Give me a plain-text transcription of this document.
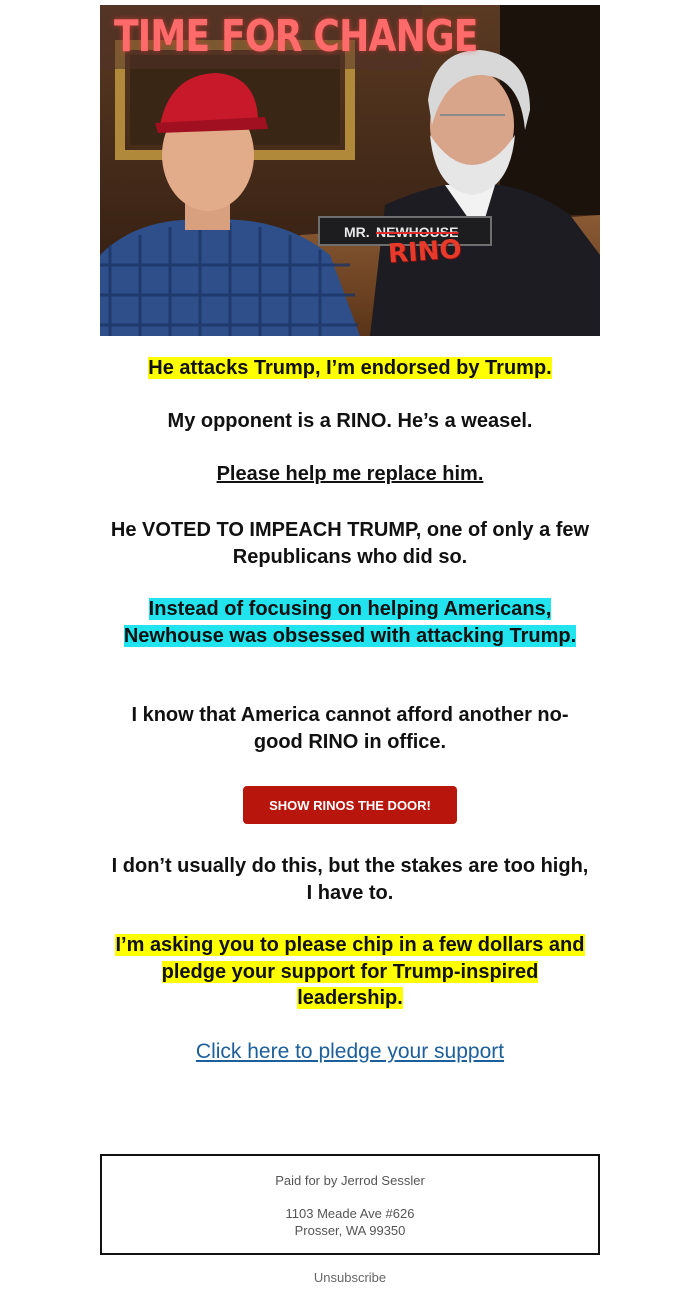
TIME FOR CHANGE
MR. NEWHOUSE
RINO

He attacks Trump, I’m endorsed by Trump.

My opponent is a RINO. He’s a weasel.

Please help me replace him.

He VOTED TO IMPEACH TRUMP, one of only a few Republicans who did so.

Instead of focusing on helping Americans, Newhouse was obsessed with attacking Trump.

I know that America cannot afford another no-good RINO in office.

SHOW RINOS THE DOOR!

I don’t usually do this, but the stakes are too high, I have to.

I’m asking you to please chip in a few dollars and pledge your support for Trump-inspired leadership.

Click here to pledge your support
Paid for by Jerrod Sessler
1103 Meade Ave #626
Prosser, WA 99350
Unsubscribe
